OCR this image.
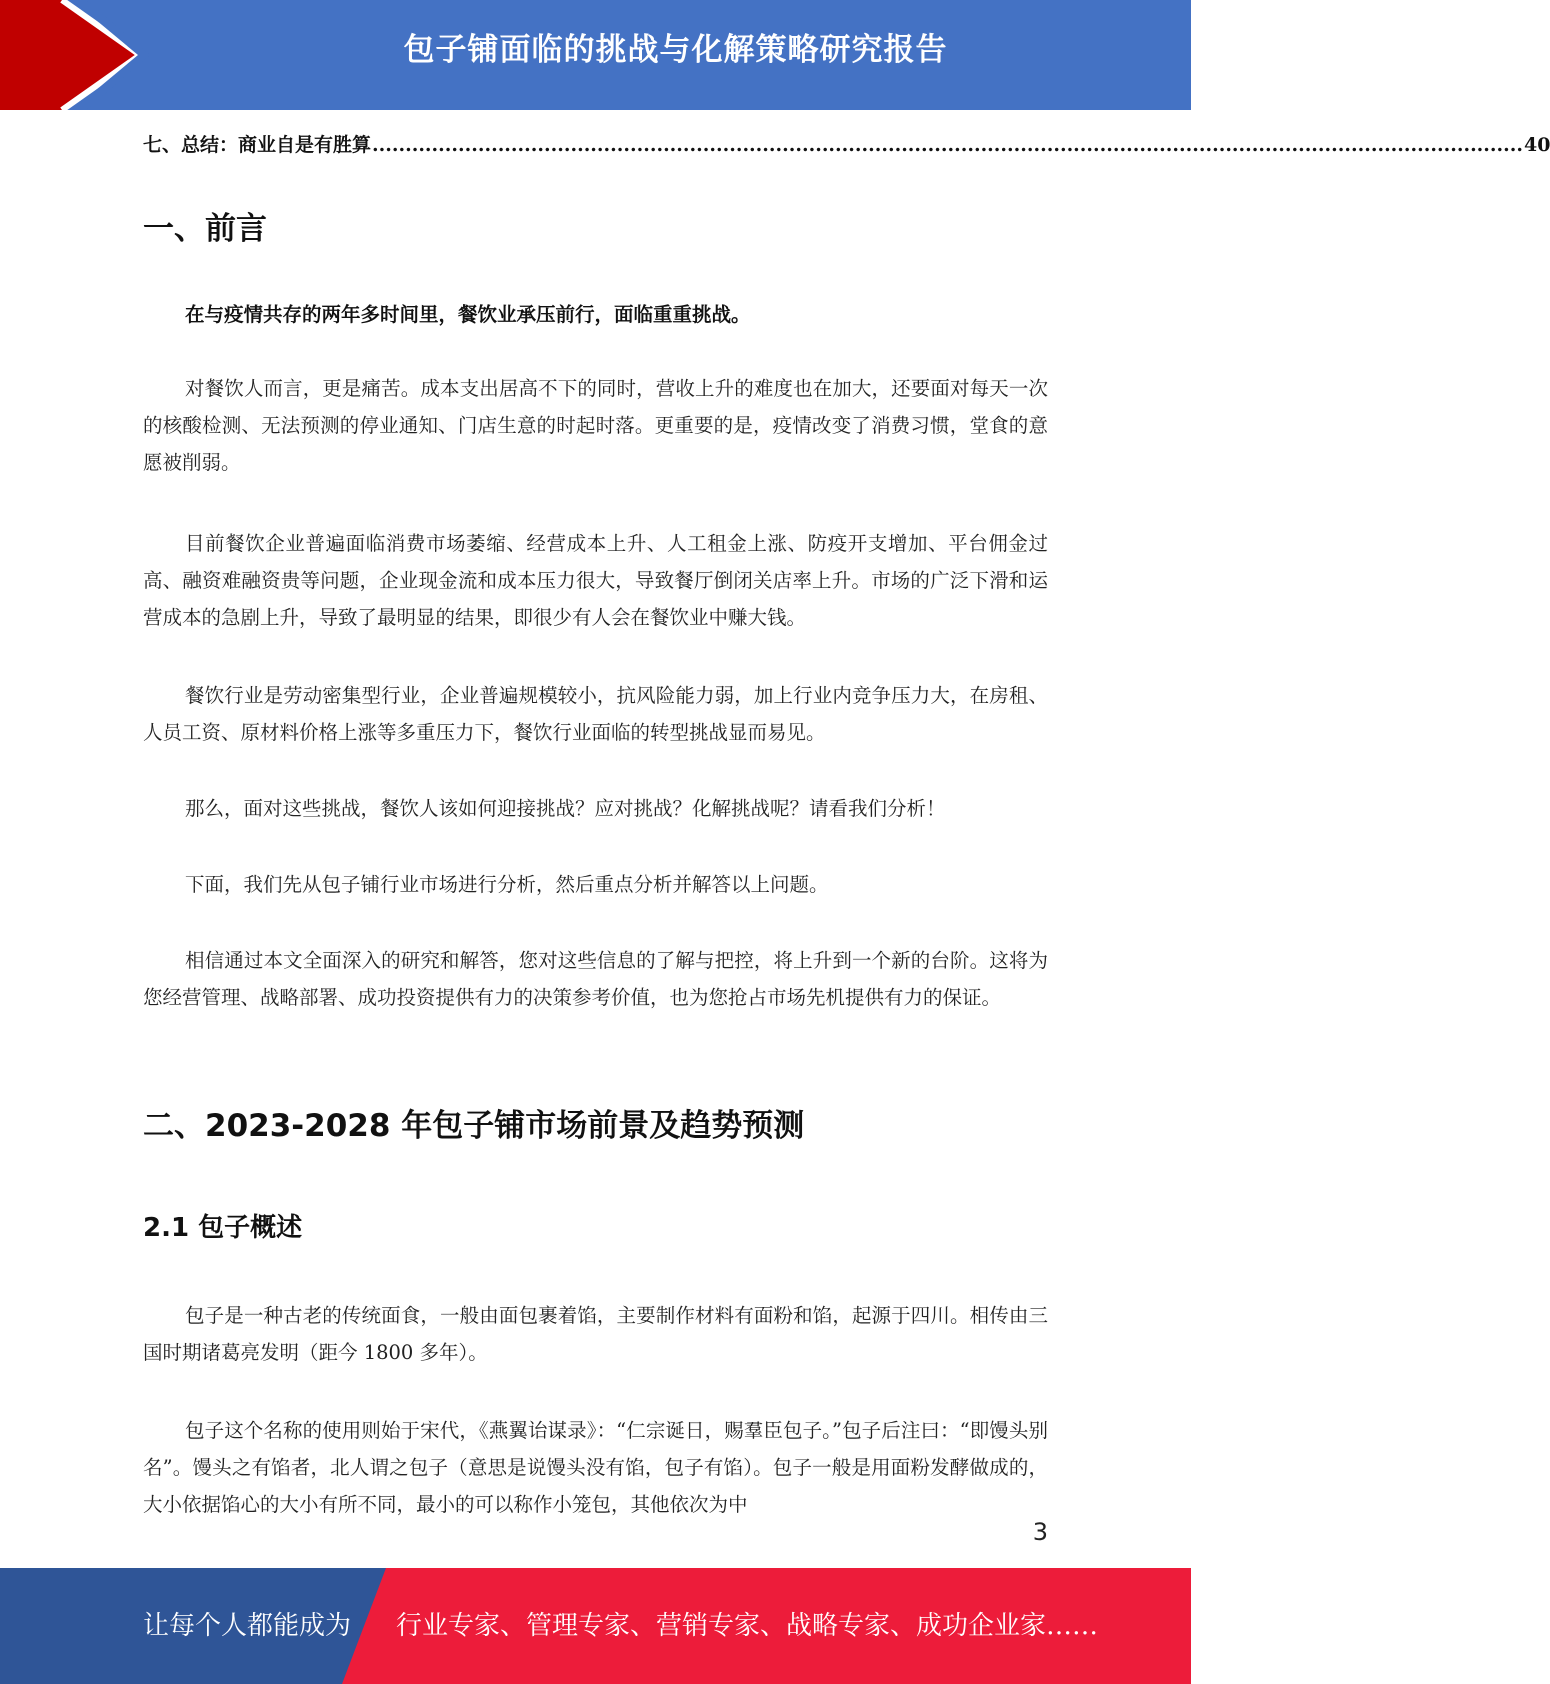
包子铺面临的挑战与化解策略研究报告
七、总结：商业自是有胜算 .............................................................................................................................................................................. 40
一、前言
在与疫情共存的两年多时间里，餐饮业承压前行，面临重重挑战。
对餐饮人而言，更是痛苦。成本支出居高不下的同时，营收上升的难度也在加大，还要面对每天一次的核酸检测、无法预测的停业通知、门店生意的时起时落。更重要的是，疫情改变了消费习惯，堂食的意愿被削弱。
目前餐饮企业普遍面临消费市场萎缩、经营成本上升、人工租金上涨、防疫开支增加、平台佣金过高、融资难融资贵等问题，企业现金流和成本压力很大，导致餐厅倒闭关店率上升。市场的广泛下滑和运营成本的急剧上升，导致了最明显的结果，即很少有人会在餐饮业中赚大钱。
餐饮行业是劳动密集型行业，企业普遍规模较小，抗风险能力弱，加上行业内竞争压力大，在房租、人员工资、原材料价格上涨等多重压力下，餐饮行业面临的转型挑战显而易见。
那么，面对这些挑战，餐饮人该如何迎接挑战？应对挑战？化解挑战呢？请看我们分析！
下面，我们先从包子铺行业市场进行分析，然后重点分析并解答以上问题。
相信通过本文全面深入的研究和解答，您对这些信息的了解与把控，将上升到一个新的台阶。这将为您经营管理、战略部署、成功投资提供有力的决策参考价值，也为您抢占市场先机提供有力的保证。
二、2023-2028 年包子铺市场前景及趋势预测
2.1 包子概述
包子是一种古老的传统面食，一般由面包裹着馅，主要制作材料有面粉和馅，起源于四川。相传由三国时期诸葛亮发明（距今 1800 多年）。
包子这个名称的使用则始于宋代，《燕翼诒谋录》：“仁宗诞日，赐羣臣包子。”包子后注曰：“即馒头别名”。馒头之有馅者，北人谓之包子（意思是说馒头没有馅，包子有馅）。包子一般是用面粉发酵做成的，大小依据馅心的大小有所不同，最小的可以称作小笼包，其他依次为中
3
让每个人都能成为 行业专家、管理专家、营销专家、战略专家、成功企业家……
